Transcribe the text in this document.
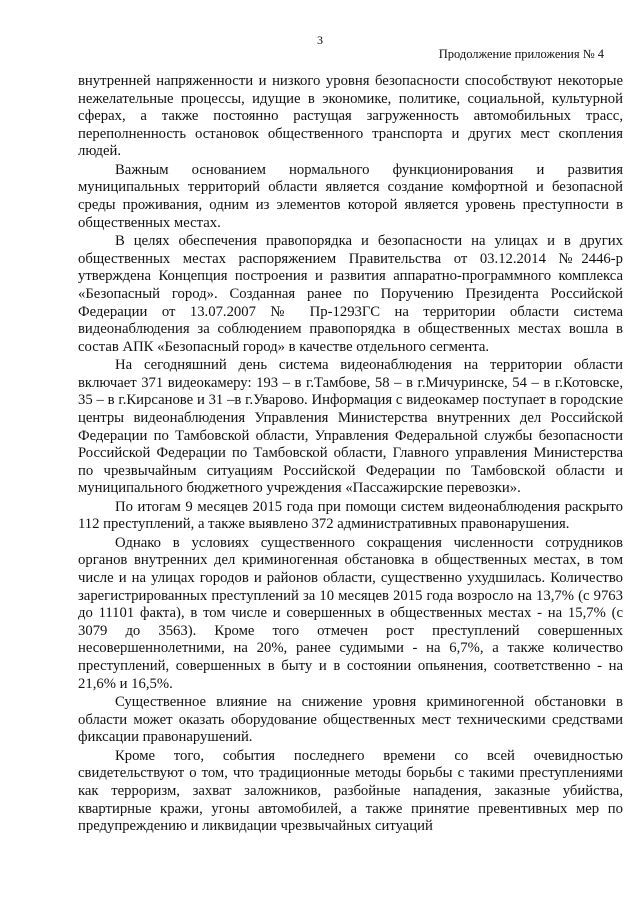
3
Продолжение приложения № 4

внутренней напряженности и низкого уровня безопасности способствуют некоторые нежелательные процессы, идущие в экономике, политике, социальной, культурной сферах, а также постоянно растущая загруженность автомобильных трасс, переполненность остановок общественного транспорта и других мест скопления людей.

Важным основанием нормального функционирования и развития муниципальных территорий области является создание комфортной и безопасной среды проживания, одним из элементов которой является уровень преступности в общественных местах.

В целях обеспечения правопорядка и безопасности на улицах и в других общественных местах распоряжением Правительства от 03.12.2014 №2446-р утверждена Концепция построения и развития аппаратно-программного комплекса «Безопасный город». Созданная ранее по Поручению Президента Российской Федерации от 13.07.2007 № Пр-1293ГС на территории области система видеонаблюдения за соблюдением правопорядка в общественных местах вошла в состав АПК «Безопасный город» в качестве отдельного сегмента.

На сегодняшний день система видеонаблюдения на территории области включает 371 видеокамеру: 193 – в г.Тамбове, 58 – в г.Мичуринске, 54 – в г.Котовске, 35 – в г.Кирсанове и 31 –в г.Уварово. Информация с видеокамер поступает в городские центры видеонаблюдения Управления Министерства внутренних дел Российской Федерации по Тамбовской области, Управления Федеральной службы безопасности Российской Федерации по Тамбовской области, Главного управления Министерства по чрезвычайным ситуациям Российской Федерации по Тамбовской области и муниципального бюджетного учреждения «Пассажирские перевозки».

По итогам 9 месяцев 2015 года при помощи систем видеонаблюдения раскрыто 112 преступлений, а также выявлено 372 административных правонарушения.

Однако в условиях существенного сокращения численности сотрудников органов внутренних дел криминогенная обстановка в общественных местах, в том числе и на улицах городов и районов области, существенно ухудшилась. Количество зарегистрированных преступлений за 10 месяцев 2015 года возросло на 13,7% (с 9763 до 11101 факта), в том числе и совершенных в общественных местах - на 15,7% (с 3079 до 3563). Кроме того отмечен рост преступлений совершенных несовершеннолетними, на 20%, ранее судимыми - на 6,7%, а также количество преступлений, совершенных в быту и в состоянии опьянения, соответственно - на 21,6% и 16,5%.

Существенное влияние на снижение уровня криминогенной обстановки в области может оказать оборудование общественных мест техническими средствами фиксации правонарушений.

Кроме того, события последнего времени со всей очевидностью свидетельствуют о том, что традиционные методы борьбы с такими преступлениями как терроризм, захват заложников, разбойные нападения, заказные убийства, квартирные кражи, угоны автомобилей, а также принятие превентивных мер по предупреждению и ликвидации чрезвычайных ситуаций
